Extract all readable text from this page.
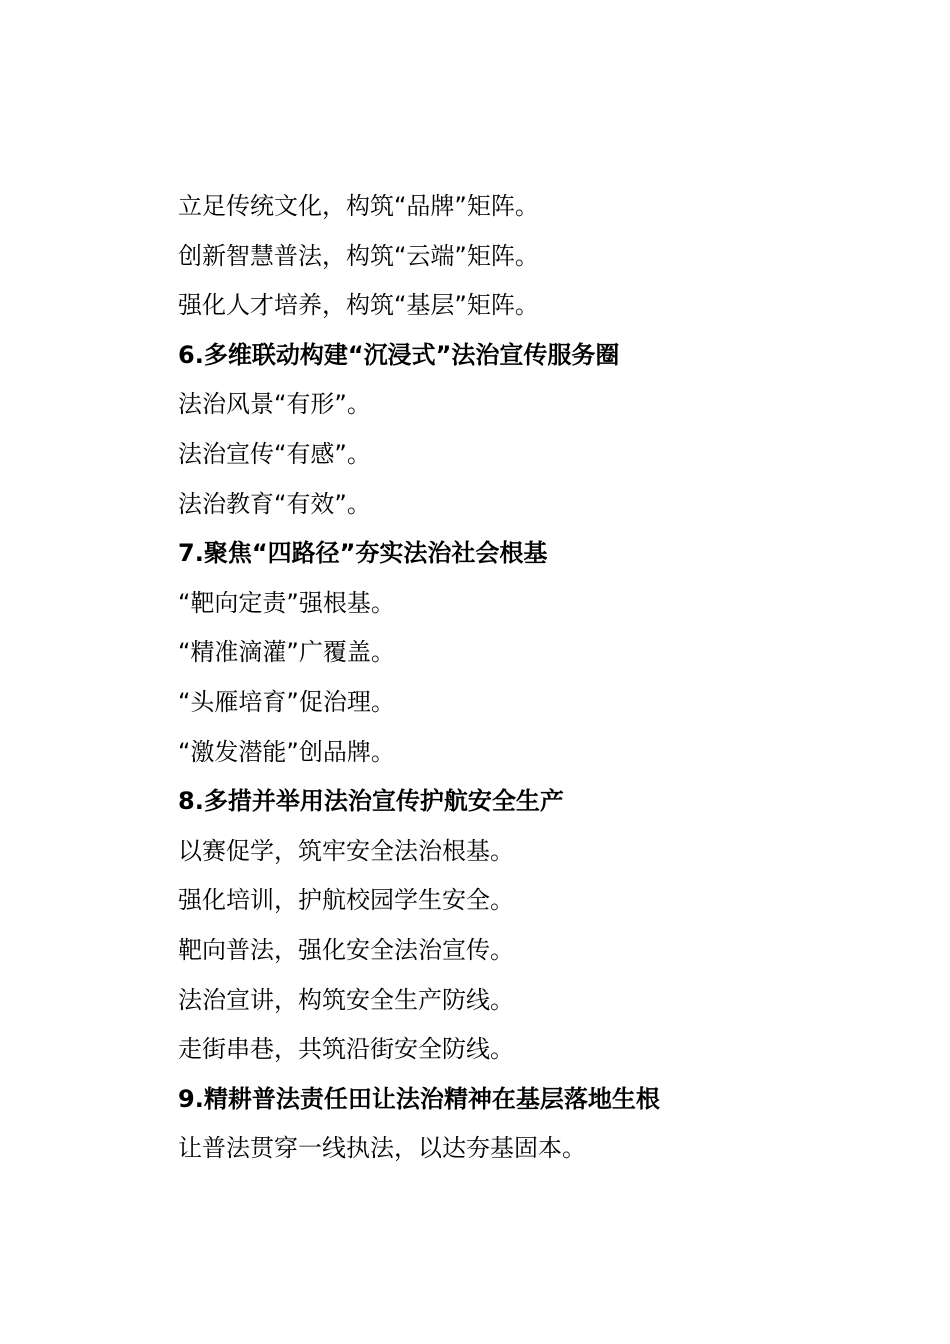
立足传统文化，构筑“品牌”矩阵。
创新智慧普法，构筑“云端”矩阵。
强化人才培养，构筑“基层”矩阵。
6.多维联动构建“沉浸式”法治宣传服务圈
法治风景“有形”。
法治宣传“有感”。
法治教育“有效”。
7.聚焦“四路径”夯实法治社会根基
“靶向定责”强根基。
“精准滴灌”广覆盖。
“头雁培育”促治理。
“激发潜能”创品牌。
8.多措并举用法治宣传护航安全生产
以赛促学，筑牢安全法治根基。
强化培训，护航校园学生安全。
靶向普法，强化安全法治宣传。
法治宣讲，构筑安全生产防线。
走街串巷，共筑沿街安全防线。
9.精耕普法责任田让法治精神在基层落地生根
让普法贯穿一线执法，以达夯基固本。
